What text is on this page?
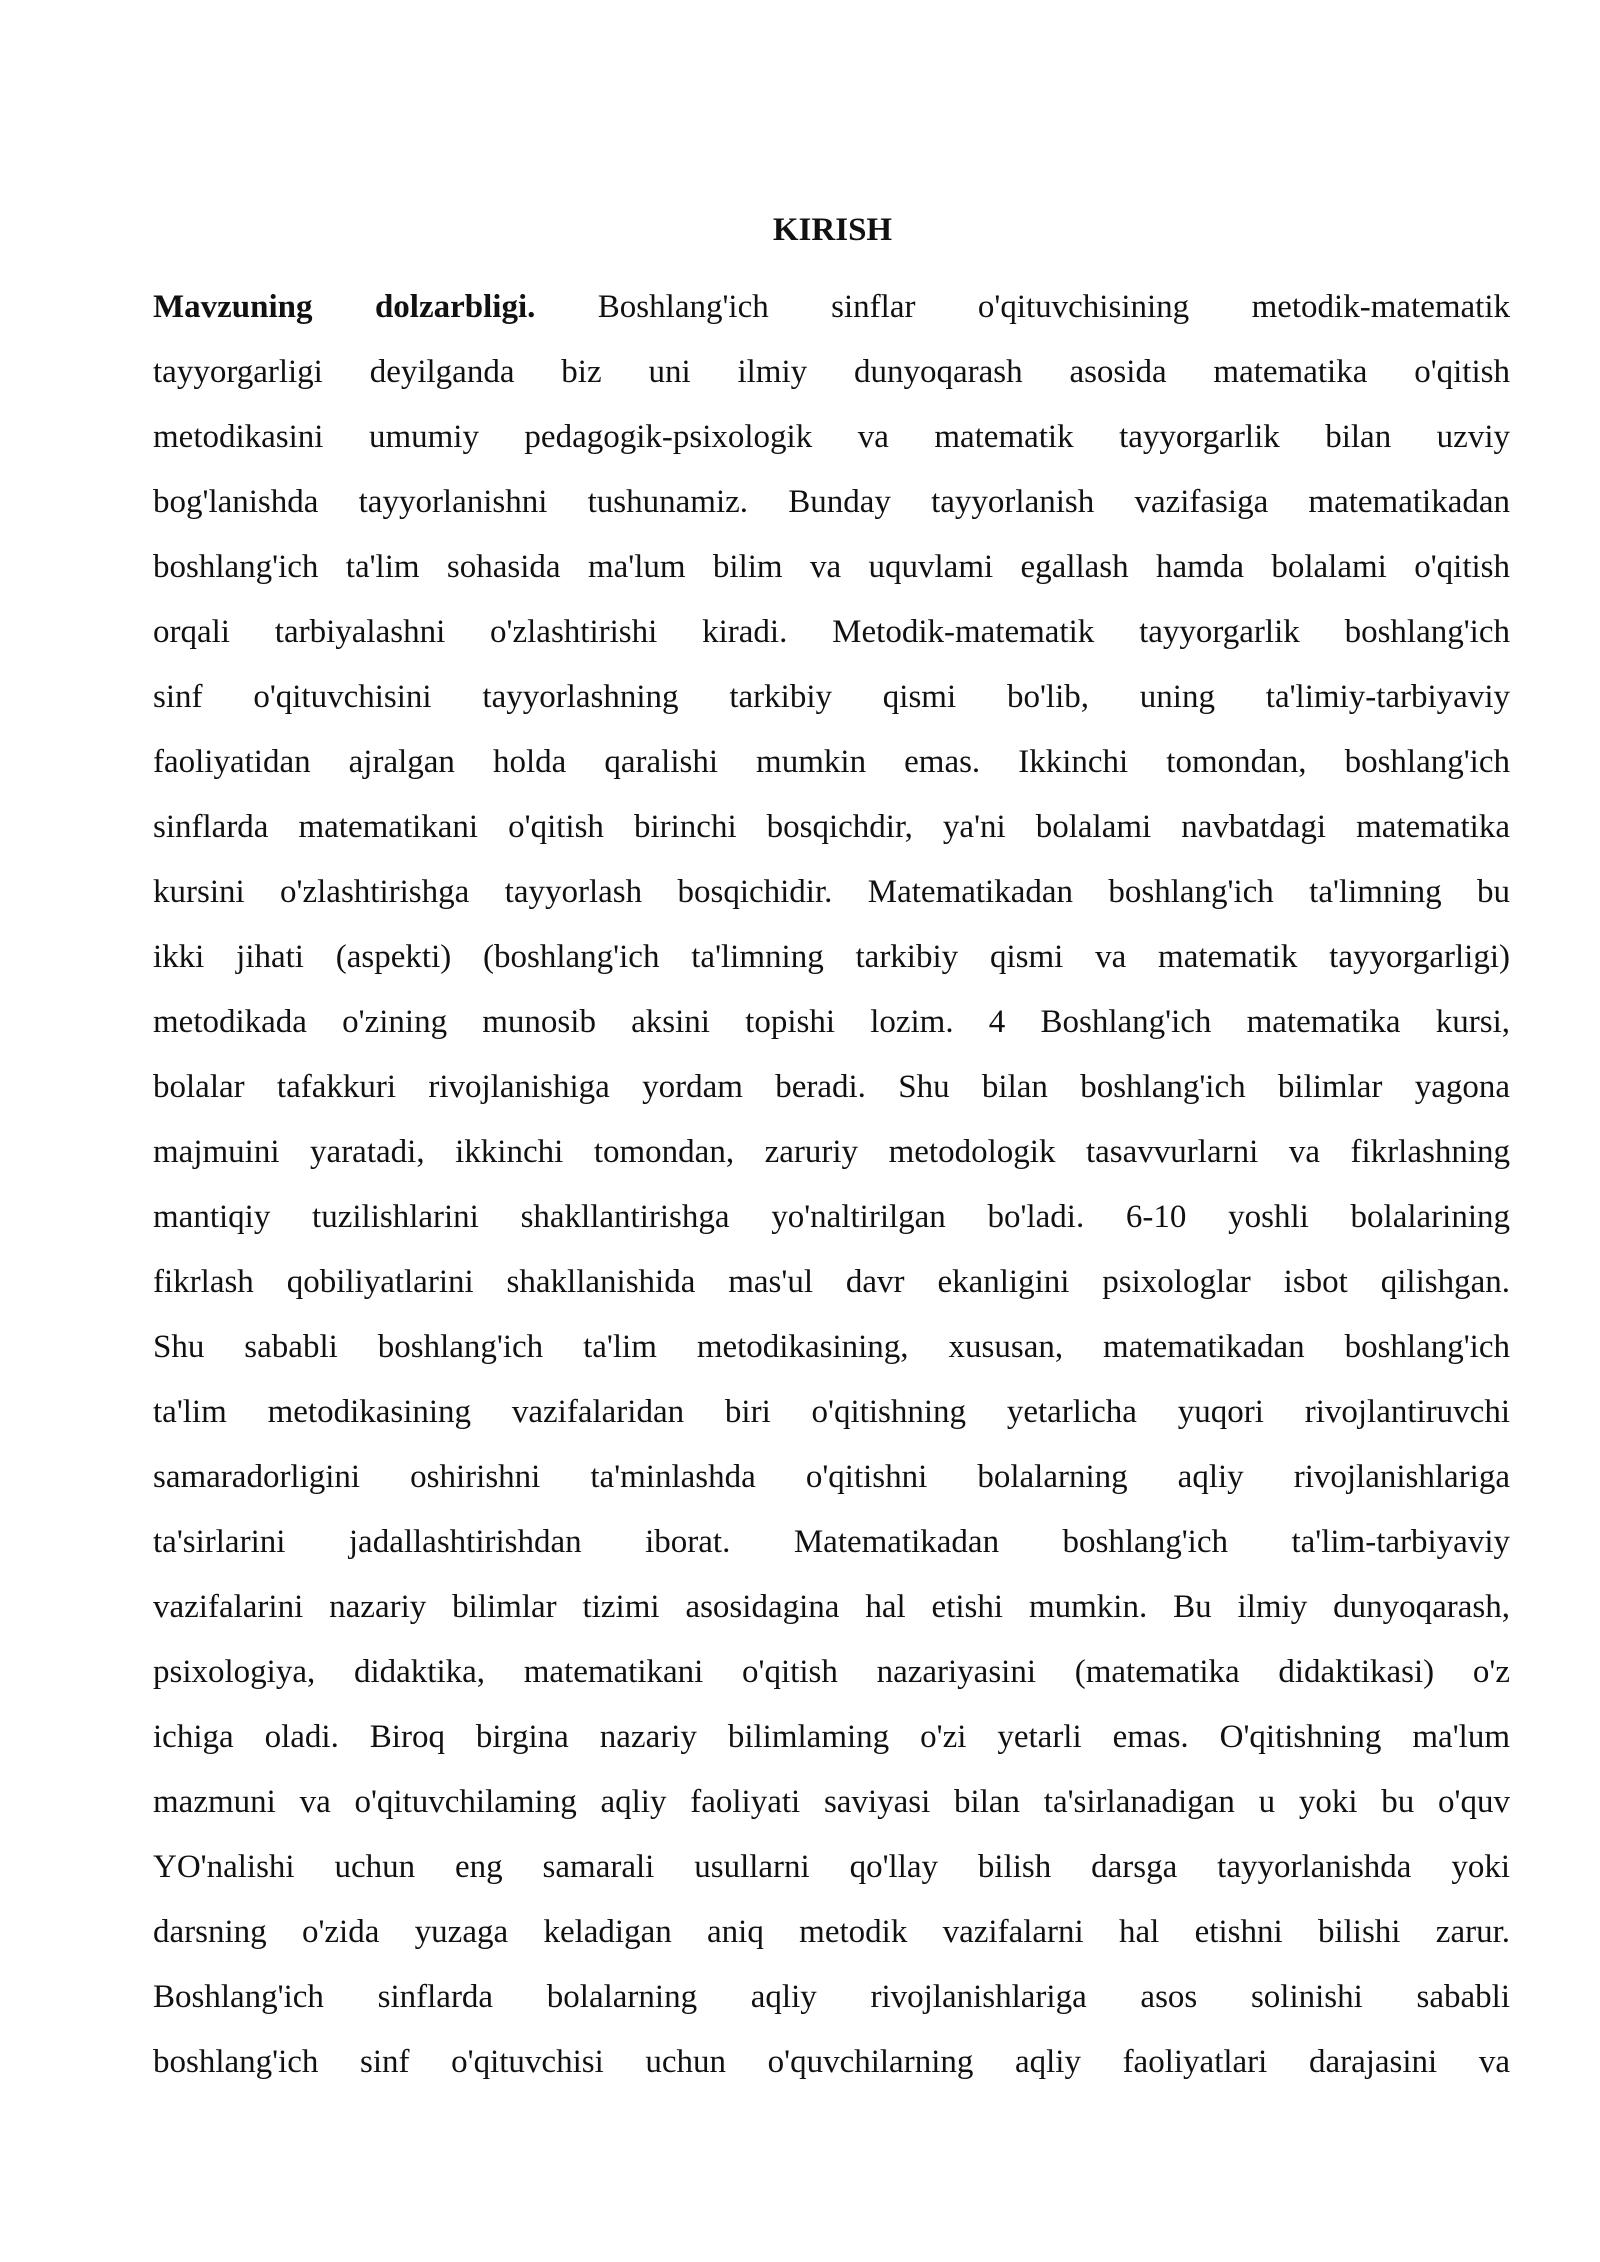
KIRISH
Mavzuning dolzarbligi. Boshlang'ich sinflar o'qituvchisining metodik-matematik
tayyorgarligi deyilganda biz uni ilmiy dunyoqarash asosida matematika o'qitish
metodikasini umumiy pedagogik-psixologik va matematik tayyorgarlik bilan uzviy
bog'lanishda tayyorlanishni tushunamiz. Bunday tayyorlanish vazifasiga matematikadan
boshlang'ich ta'lim sohasida ma'lum bilim va uquvlami egallash hamda bolalami o'qitish
orqali tarbiyalashni o'zlashtirishi kiradi. Metodik-matematik tayyorgarlik boshlang'ich
sinf o'qituvchisini tayyorlashning tarkibiy qismi bo'lib, uning ta'limiy-tarbiyaviy
faoliyatidan ajralgan holda qaralishi mumkin emas. Ikkinchi tomondan, boshlang'ich
sinflarda matematikani o'qitish birinchi bosqichdir, ya'ni bolalami navbatdagi matematika
kursini o'zlashtirishga tayyorlash bosqichidir. Matematikadan boshlang'ich ta'limning bu
ikki jihati (aspekti) (boshlang'ich ta'limning tarkibiy qismi va matematik tayyorgarligi)
metodikada o'zining munosib aksini topishi lozim. 4 Boshlang'ich matematika kursi,
bolalar tafakkuri rivojlanishiga yordam beradi. Shu bilan boshlang'ich bilimlar yagona
majmuini yaratadi, ikkinchi tomondan, zaruriy metodologik tasavvurlarni va fikrlashning
mantiqiy tuzilishlarini shakllantirishga yo'naltirilgan bo'ladi. 6-10 yoshli bolalarining
fikrlash qobiliyatlarini shakllanishida mas'ul davr ekanligini psixologlar isbot qilishgan.
Shu sababli boshlang'ich ta'lim metodikasining, xususan, matematikadan boshlang'ich
ta'lim metodikasining vazifalaridan biri o'qitishning yetarlicha yuqori rivojlantiruvchi
samaradorligini oshirishni ta'minlashda o'qitishni bolalarning aqliy rivojlanishlariga
ta'sirlarini jadallashtirishdan iborat. Matematikadan boshlang'ich ta'lim-tarbiyaviy
vazifalarini nazariy bilimlar tizimi asosidagina hal etishi mumkin. Bu ilmiy dunyoqarash,
psixologiya, didaktika, matematikani o'qitish nazariyasini (matematika didaktikasi) o'z
ichiga oladi. Biroq birgina nazariy bilimlaming o'zi yetarli emas. O'qitishning ma'lum
mazmuni va o'qituvchilaming aqliy faoliyati saviyasi bilan ta'sirlanadigan u yoki bu o'quv
YO'nalishi uchun eng samarali usullarni qo'llay bilish darsga tayyorlanishda yoki
darsning o'zida yuzaga keladigan aniq metodik vazifalarni hal etishni bilishi zarur.
Boshlang'ich sinflarda bolalarning aqliy rivojlanishlariga asos solinishi sababli
boshlang'ich sinf o'qituvchisi uchun o'quvchilarning aqliy faoliyatlari darajasini va
